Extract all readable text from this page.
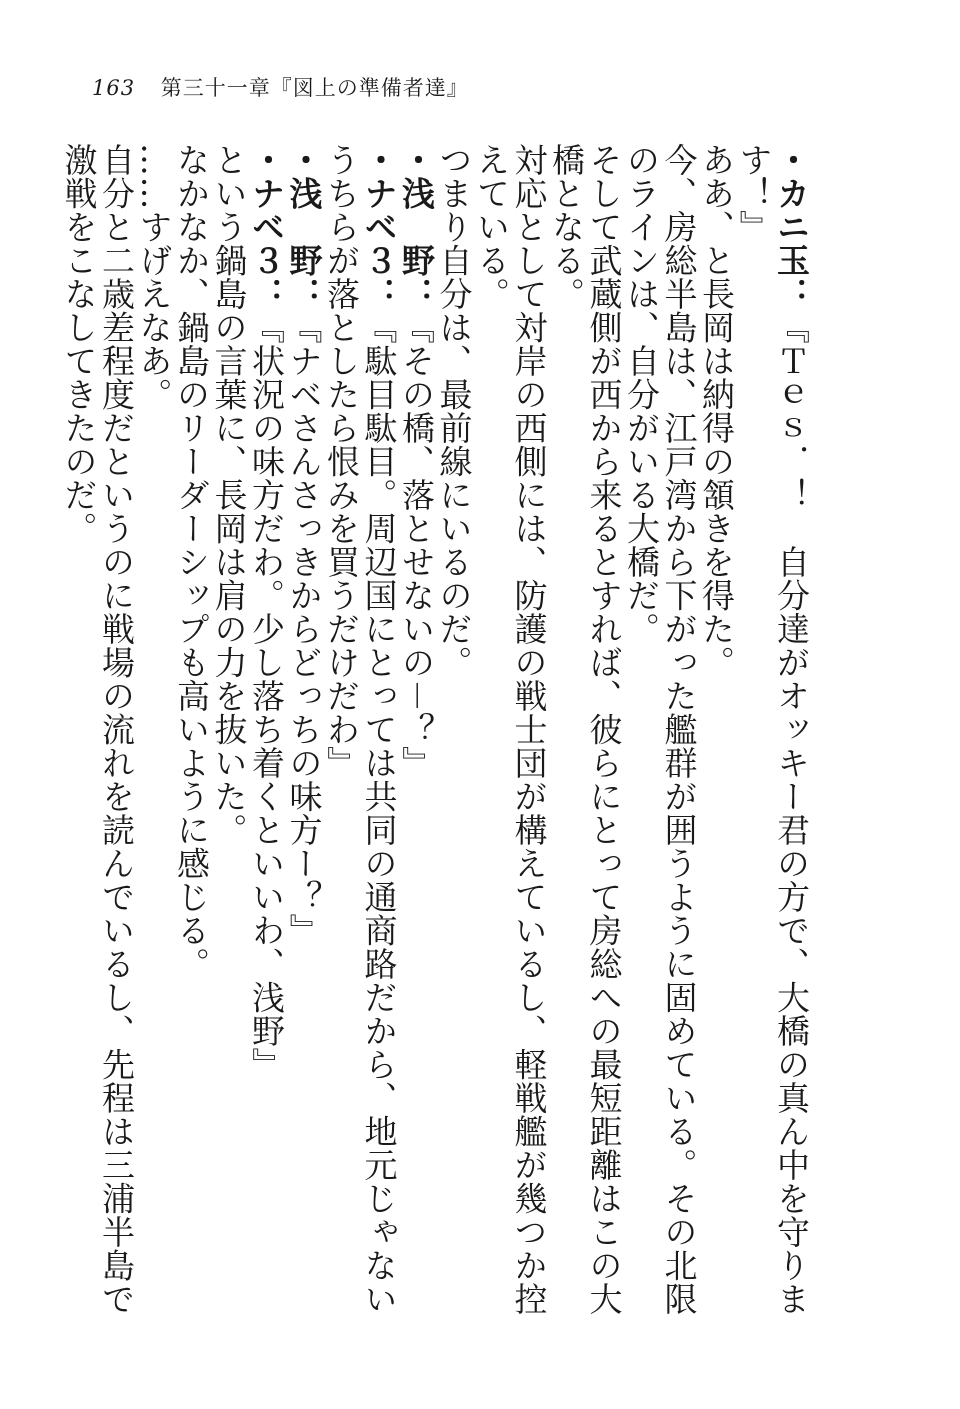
163 第三十一章『図上の準備者達』

・カニ玉：『Ｔｅｓ．！　自分達がオッキー君の方で、大橋の真ん中を守ります！』

ああ、と長岡は納得の頷きを得た。

今、房総半島は、江戸湾から下がった艦群が囲うように固めている。その北限のラインは、自分がいる大橋だ。

そして武蔵側が西から来るとすれば、彼らにとって房総への最短距離はこの大橋となる。

対応として対岸の西側には、防護の戦士団が構えているし、軽戦艦が幾つか控えている。

つまり自分は、最前線にいるのだ。

・浅　野：『その橋、落とせないの－？』

・ナベ３：『駄目駄目。周辺国にとっては共同の通商路だから、地元じゃないうちらが落としたら恨みを買うだけだわ』

・浅　野：『ナベさんさっきからどっちの味方ー？』

・ナベ３：『状況の味方だわ。少し落ち着くといいわ、浅野』

という鍋島の言葉に、長岡は肩の力を抜いた。

なかなか、鍋島のリーダーシップも高いように感じる。

……すげえなあ。

自分と二歳差程度だというのに戦場の流れを読んでいるし、先程は三浦半島で激戦をこなしてきたのだ。
